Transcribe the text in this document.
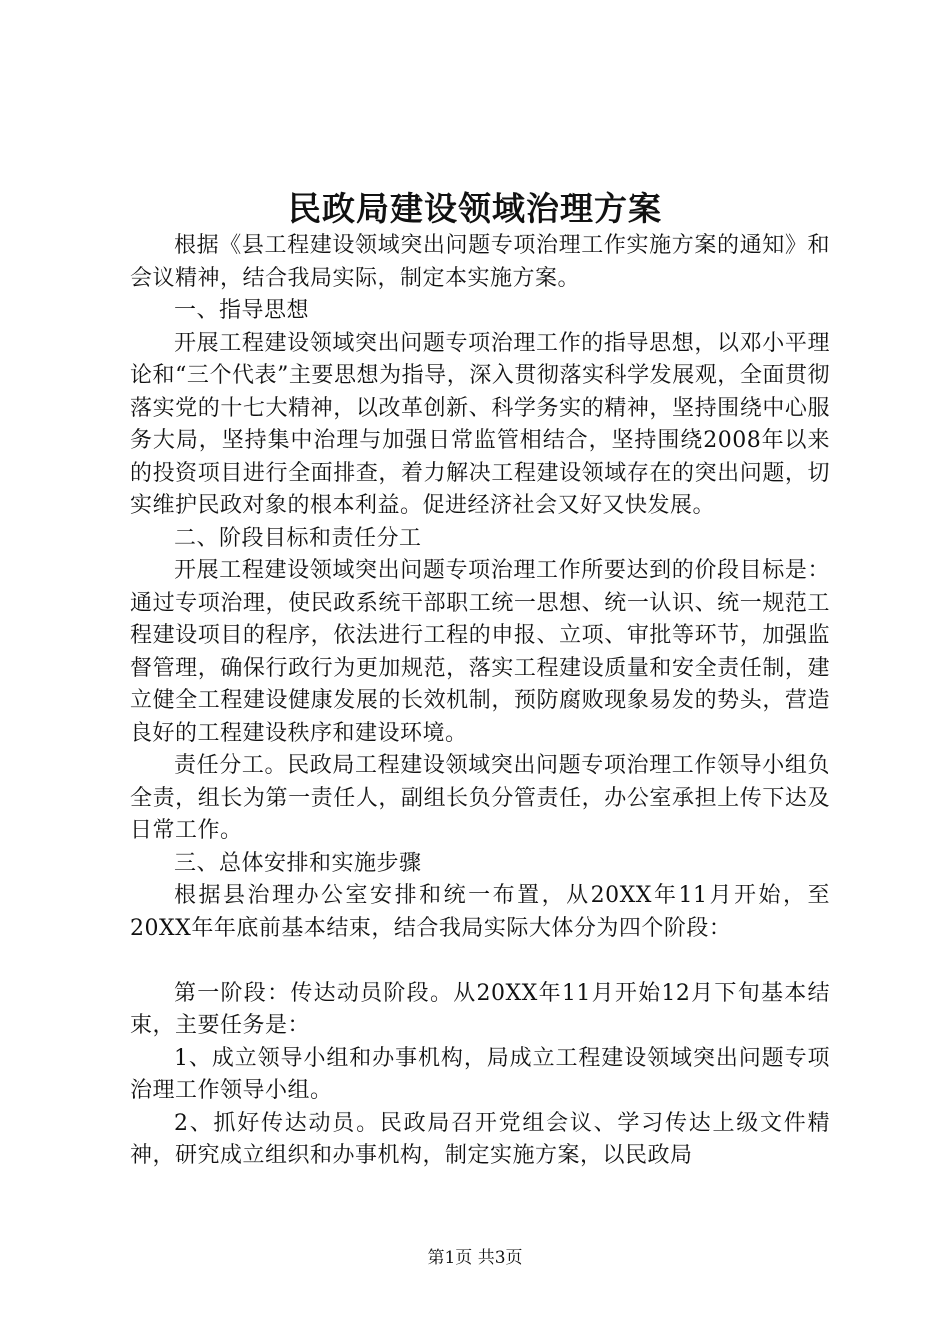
民政局建设领域治理方案

根据《县工程建设领域突出问题专项治理工作实施方案的通知》和会议精神，结合我局实际，制定本实施方案。

一、指导思想

开展工程建设领域突出问题专项治理工作的指导思想，以邓小平理论和“三个代表”主要思想为指导，深入贯彻落实科学发展观，全面贯彻落实党的十七大精神，以改革创新、科学务实的精神，坚持围绕中心服务大局，坚持集中治理与加强日常监管相结合，坚持围绕2008年以来的投资项目进行全面排查，着力解决工程建设领域存在的突出问题，切实维护民政对象的根本利益。促进经济社会又好又快发展。

二、阶段目标和责任分工

开展工程建设领域突出问题专项治理工作所要达到的价段目标是：通过专项治理，使民政系统干部职工统一思想、统一认识、统一规范工程建设项目的程序，依法进行工程的申报、立项、审批等环节，加强监督管理，确保行政行为更加规范，落实工程建设质量和安全责任制，建立健全工程建设健康发展的长效机制，预防腐败现象易发的势头，营造良好的工程建设秩序和建设环境。

责任分工。民政局工程建设领域突出问题专项治理工作领导小组负全责，组长为第一责任人，副组长负分管责任，办公室承担上传下达及日常工作。

三、总体安排和实施步骤

根据县治理办公室安排和统一布置，从20XX年11月开始，至20XX年年底前基本结束，结合我局实际大体分为四个阶段：

第一阶段：传达动员阶段。从20XX年11月开始12月下旬基本结束，主要任务是：

1、成立领导小组和办事机构，局成立工程建设领域突出问题专项治理工作领导小组。

2、抓好传达动员。民政局召开党组会议、学习传达上级文件精神，研究成立组织和办事机构，制定实施方案，以民政局

第1页 共3页
